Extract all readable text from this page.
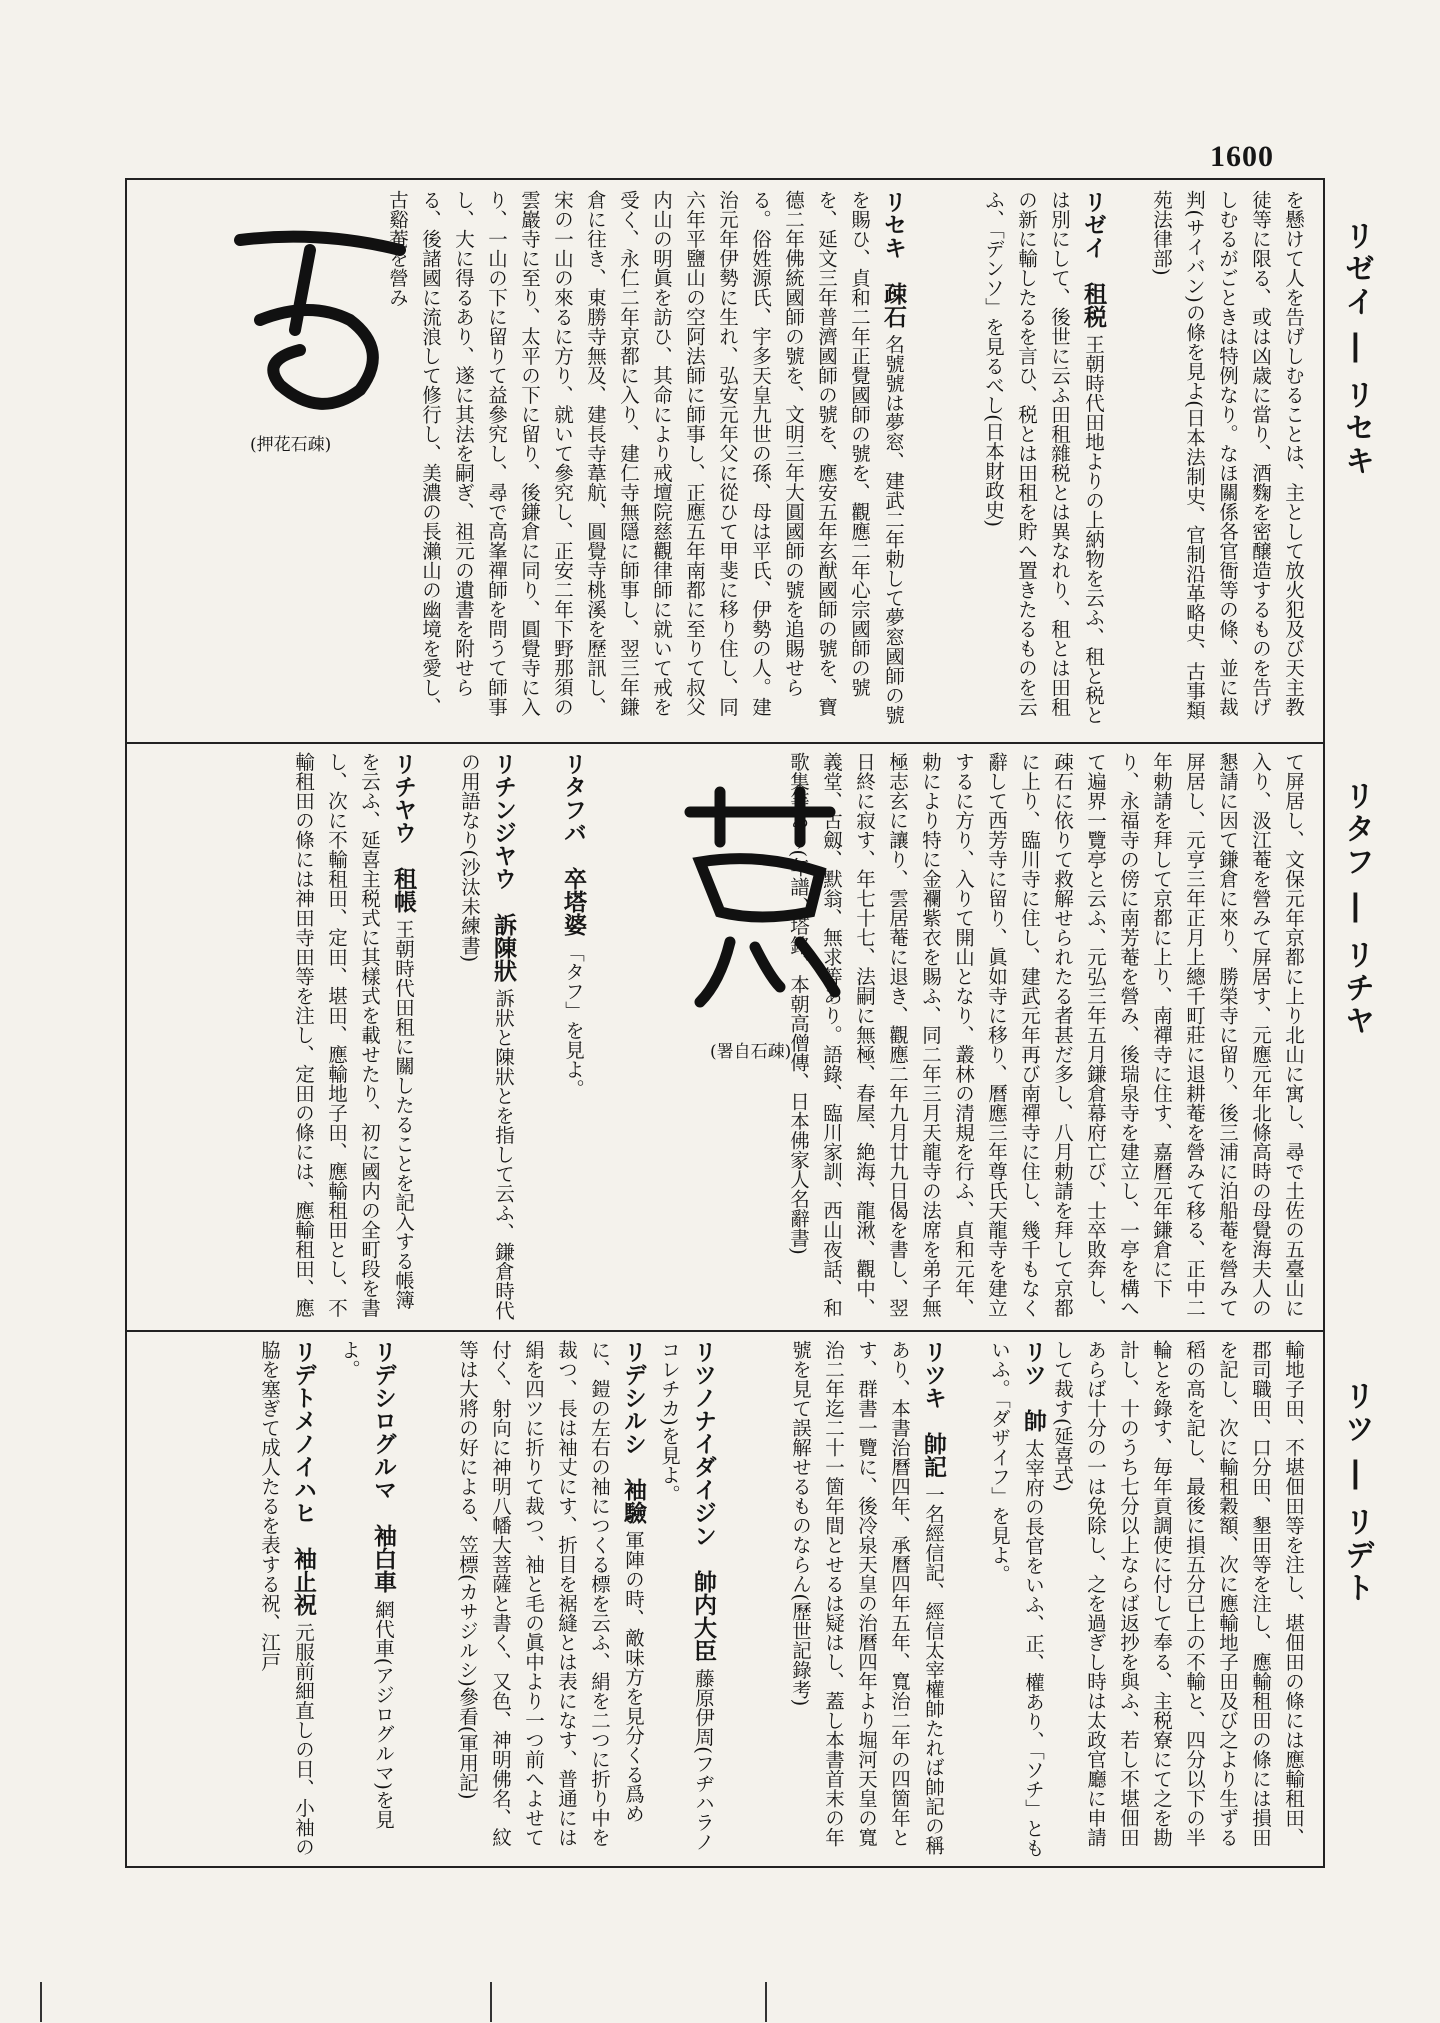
1600
リゼイ ― リセキ
リタフ ― リチヤ
リツ ― リデト
を懸けて人を告げしむることは、主として放火犯及び天主教徒等に限る、或は凶歳に當り、酒麴を密醸造するものを告げしむるがごときは特例なり。なほ關係各官衙等の條、並に裁判(サイバン)の條を見よ(日本法制史、官制沿革略史、古事類苑法律部)
リゼイ　租税 王朝時代田地よりの上納物を云ふ、租と税とは別にして、後世に云ふ田租雜税とは異なれり、租とは田租の新に輸したるを言ひ、税とは田租を貯へ置きたるものを云ふ、「デンソ」を見るべし(日本財政史)
リセキ　疎石 名號號は夢窓、建武二年勅して夢窓國師の號を賜ひ、貞和二年正覺國師の號を、觀應二年心宗國師の號を、延文三年普濟國師の號を、應安五年玄猷國師の號を、寶德二年佛統國師の號を、文明三年大圓國師の號を追賜せらる。俗姓源氏、宇多天皇九世の孫、母は平氏、伊勢の人。建治元年伊勢に生れ、弘安元年父に從ひて甲斐に移り住し、同六年平鹽山の空阿法師に師事し、正應五年南都に至りて叔父内山の明眞を訪ひ、其命により戒壇院慈觀律師に就いて戒を受く、永仁二年京都に入り、建仁寺無隱に師事し、翌三年鎌倉に往き、東勝寺無及、建長寺葦航、圓覺寺桃溪を歷訊し、宋の一山の來るに方り、就いて參究し、正安二年下野那須の雲巖寺に至り、太平の下に留り、後鎌倉に同り、圓覺寺に入り、一山の下に留りて益參究し、尋で高峯禪師を問うて師事し、大に得るあり、遂に其法を嗣ぎ、祖元の遺書を附せらる、後諸國に流浪して修行し、美濃の長瀨山の幽境を愛し、古谿菴を營み
(押花石疎)
て屏居し、文保元年京都に上り北山に寓し、尋で土佐の五臺山に入り、汲江菴を營みて屏居す、元應元年北條高時の母覺海夫人の懇請に因て鎌倉に來り、勝榮寺に留り、後三浦に泊船菴を營みて屏居し、元亨三年正月上總千町莊に退耕菴を營みて移る、正中二年勅請を拜して京都に上り、南禪寺に住す、嘉曆元年鎌倉に下り、永福寺の傍に南芳菴を營み、後瑞泉寺を建立し、一亭を構へて遍界一覽亭と云ふ、元弘三年五月鎌倉幕府亡び、士卒敗奔し、疎石に依りて救解せられたる者甚だ多し、八月勅請を拜して京都に上り、臨川寺に住し、建武元年再び南禪寺に住し、幾千もなく辭して西芳寺に留り、眞如寺に移り、曆應三年尊氏天龍寺を建立するに方り、入りて開山となり、叢林の清規を行ふ、貞和元年、勅により特に金襴紫衣を賜ふ、同二年三月天龍寺の法席を弟子無極志玄に讓り、雲居菴に退き、觀應二年九月廿九日偈を書し、翌日終に寂す、年七十七、法嗣に無極、春屋、絶海、龍湫、觀中、義堂、古劔、默翁、無求等あり。語錄、臨川家訓、西山夜話、和歌集等あり(年譜、塔銘、本朝高僧傳、日本佛家人名辭書)
(署自石疎)
リタフバ　卒塔婆 「タフ」を見よ。
リチンジヤウ　訴陳狀 訴狀と陳狀とを指して云ふ、鎌倉時代の用語なり(沙汰未練書)
リチヤウ　租帳 王朝時代田租に關したることを記入する帳簿を云ふ、延喜主税式に其樣式を載せたり、初に國内の全町段を書し、次に不輸租田、定田、堪田、應輸地子田、應輸租田とし、不輸租田の條には神田寺田等を注し、定田の條には、應輸租田、應
輸地子田、不堪佃田等を注し、堪佃田の條には應輸租田、郡司職田、口分田、墾田等を注し、應輸租田の條には損田を記し、次に輸租穀額、次に應輸地子田及び之より生ずる稻の高を記し、最後に損五分已上の不輸と、四分以下の半輪とを錄す、毎年貢調使に付して奉る、主税寮にて之を勘計し、十のうち七分以上ならば返抄を與ふ、若し不堪佃田あらば十分の一は免除し、之を過ぎし時は太政官廳に申請して裁す(延喜式)
リツ　帥 太宰府の長官をいふ、正、權あり、「ソチ」ともいふ。「ダザイフ」を見よ。
リツキ　帥記 一名經信記、經信太宰權帥たれば帥記の稱あり、本書治曆四年、承曆四年五年、寬治二年の四箇年とす、群書一覽に、後冷泉天皇の治曆四年より堀河天皇の寬治二年迄二十一箇年間とせるは疑はし、蓋し本書首末の年號を見て誤解せるものならん(歷世記錄考)
リツノナイダイジン　帥内大臣 藤原伊周(フヂハラノコレチカ)を見よ。
リデシルシ　袖驗 軍陣の時、敵味方を見分くる爲めに、鎧の左右の袖につくる標を云ふ、絹を二つに折り中を裁つ、長は袖丈にす、折目を裾縫とは表になす、普通には絹を四ツに折りて裁つ、袖と毛の眞中より一つ前へよせて付く、射向に神明八幡大菩薩と書く、又色、神明佛名、紋等は大將の好による、笠標(カサジルシ)參看(軍用記)
リデシログルマ　袖白車 網代車(アジログルマ)を見よ。
リデトメノイハヒ　袖止祝 元服前細直しの日、小袖の脇を塞ぎて成人たるを表する祝、江戸
